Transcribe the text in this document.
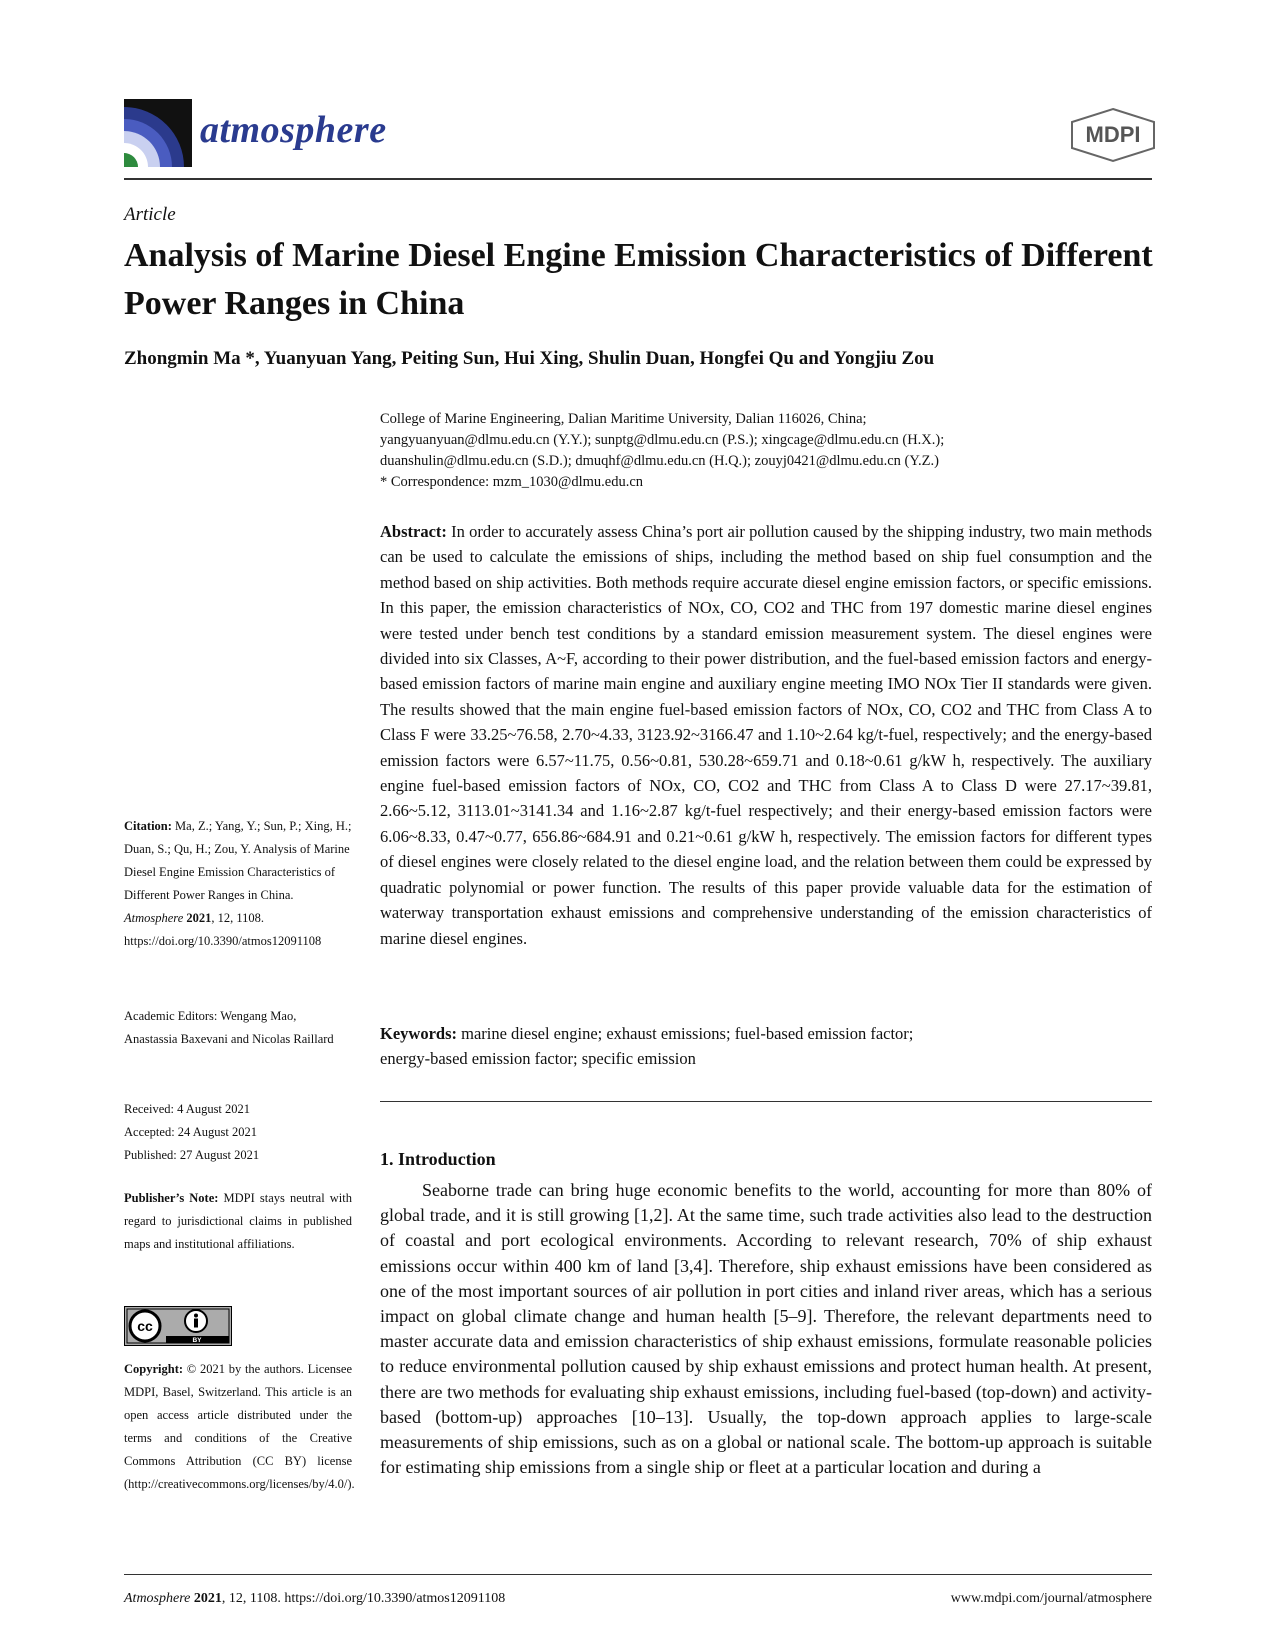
atmosphere	MDPI
Article
Analysis of Marine Diesel Engine Emission Characteristics of Different Power Ranges in China
Zhongmin Ma *, Yuanyuan Yang, Peiting Sun, Hui Xing, Shulin Duan, Hongfei Qu and Yongjiu Zou
College of Marine Engineering, Dalian Maritime University, Dalian 116026, China;
yangyuanyuan@dlmu.edu.cn (Y.Y.); sunptg@dlmu.edu.cn (P.S.); xingcage@dlmu.edu.cn (H.X.);
duanshulin@dlmu.edu.cn (S.D.); dmuqhf@dlmu.edu.cn (H.Q.); zouyj0421@dlmu.edu.cn (Y.Z.)
* Correspondence: mzm_1030@dlmu.edu.cn
Abstract: In order to accurately assess China’s port air pollution caused by the shipping industry, two main methods can be used to calculate the emissions of ships, including the method based on ship fuel consumption and the method based on ship activities. Both methods require accurate diesel engine emission factors, or specific emissions. In this paper, the emission characteristics of NOx, CO, CO2 and THC from 197 domestic marine diesel engines were tested under bench test conditions by a standard emission measurement system. The diesel engines were divided into six Classes, A~F, according to their power distribution, and the fuel-based emission factors and energy-based emission factors of marine main engine and auxiliary engine meeting IMO NOx Tier II standards were given. The results showed that the main engine fuel-based emission factors of NOx, CO, CO2 and THC from Class A to Class F were 33.25~76.58, 2.70~4.33, 3123.92~3166.47 and 1.10~2.64 kg/t-fuel, respectively; and the energy-based emission factors were 6.57~11.75, 0.56~0.81, 530.28~659.71 and 0.18~0.61 g/kW h, respectively. The auxiliary engine fuel-based emission factors of NOx, CO, CO2 and THC from Class A to Class D were 27.17~39.81, 2.66~5.12, 3113.01~3141.34 and 1.16~2.87 kg/t-fuel respectively; and their energy-based emission factors were 6.06~8.33, 0.47~0.77, 656.86~684.91 and 0.21~0.61 g/kW h, respectively. The emission factors for different types of diesel engines were closely related to the diesel engine load, and the relation between them could be expressed by quadratic polynomial or power function. The results of this paper provide valuable data for the estimation of waterway transportation exhaust emissions and comprehensive understanding of the emission characteristics of marine diesel engines.
Keywords: marine diesel engine; exhaust emissions; fuel-based emission factor;
energy-based emission factor; specific emission
1. Introduction
Seaborne trade can bring huge economic benefits to the world, accounting for more than 80% of global trade, and it is still growing [1,2]. At the same time, such trade activities also lead to the destruction of coastal and port ecological environments. According to relevant research, 70% of ship exhaust emissions occur within 400 km of land [3,4]. Therefore, ship exhaust emissions have been considered as one of the most important sources of air pollution in port cities and inland river areas, which has a serious impact on global climate change and human health [5–9]. Therefore, the relevant departments need to master accurate data and emission characteristics of ship exhaust emissions, formulate reasonable policies to reduce environmental pollution caused by ship exhaust emissions and protect human health. At present, there are two methods for evaluating ship exhaust emissions, including fuel-based (top-down) and activity-based (bottom-up) approaches [10–13]. Usually, the top-down approach applies to large-scale measurements of ship emissions, such as on a global or national scale. The bottom-up approach is suitable for estimating ship emissions from a single ship or fleet at a particular location and during a
Citation: Ma, Z.; Yang, Y.; Sun, P.; Xing, H.; Duan, S.; Qu, H.; Zou, Y. Analysis of Marine Diesel Engine Emission Characteristics of Different Power Ranges in China. Atmosphere 2021, 12, 1108. https://doi.org/10.3390/atmos12091108
Academic Editors: Wengang Mao, Anastassia Baxevani and Nicolas Raillard
Received: 4 August 2021
Accepted: 24 August 2021
Published: 27 August 2021
Publisher’s Note: MDPI stays neutral with regard to jurisdictional claims in published maps and institutional affiliations.
cc
BY
Copyright: © 2021 by the authors. Licensee MDPI, Basel, Switzerland. This article is an open access article distributed under the terms and conditions of the Creative Commons Attribution (CC BY) license (http://creativecommons.org/licenses/by/4.0/).
Atmosphere 2021, 12, 1108. https://doi.org/10.3390/atmos12091108	www.mdpi.com/journal/atmosphere
